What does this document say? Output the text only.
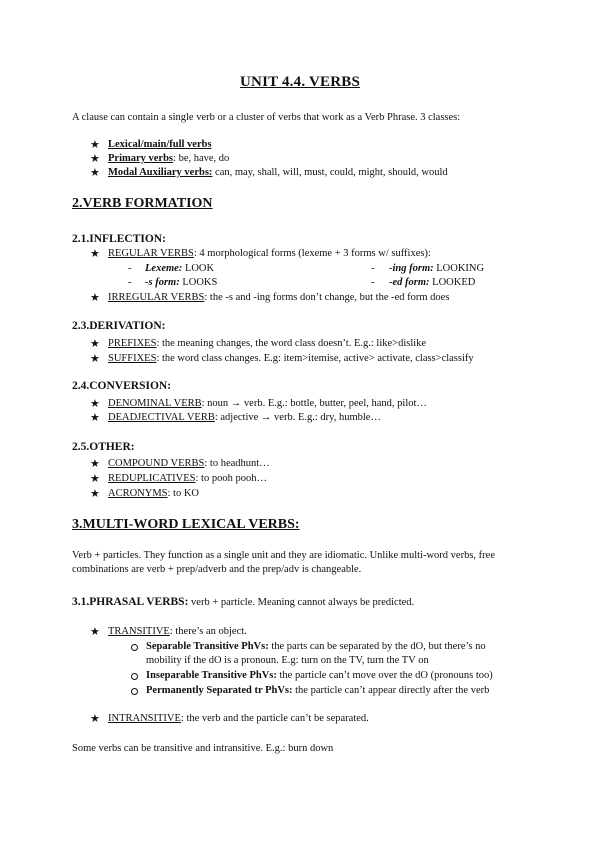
UNIT 4.4. VERBS
A clause can contain a single verb or a cluster of verbs that work as a Verb Phrase. 3 classes:
★ Lexical/main/full verbs
★ Primary verbs: be, have, do
★ Modal Auxiliary verbs: can, may, shall, will, must, could, might, should, would
2.VERB FORMATION
2.1.INFLECTION:
★ REGULAR VERBS: 4 morphological forms (lexeme + 3 forms w/ suffixes):
- Lexeme: LOOK	- -ing form: LOOKING
- -s form: LOOKS	- -ed form: LOOKED
★ IRREGULAR VERBS: the -s and -ing forms don’t change, but the -ed form does
2.3.DERIVATION:
★ PREFIXES: the meaning changes, the word class doesn’t. E.g.: like>dislike
★ SUFFIXES: the word class changes. E.g: item>itemise, active> activate, class>classify
2.4.CONVERSION:
★ DENOMINAL VERB: noun → verb. E.g.: bottle, butter, peel, hand, pilot…
★ DEADJECTIVAL VERB: adjective → verb. E.g.: dry, humble…
2.5.OTHER:
★ COMPOUND VERBS: to headhunt…
★ REDUPLICATIVES: to pooh pooh…
★ ACRONYMS: to KO
3.MULTI-WORD LEXICAL VERBS:
Verb + particles. They function as a single unit and they are idiomatic. Unlike multi-word verbs, free
combinations are verb + prep/adverb and the prep/adv is changeable.
3.1.PHRASAL VERBS: verb + particle. Meaning cannot always be predicted.
★ TRANSITIVE: there’s an object.
Separable Transitive PhVs: the parts can be separated by the dO, but there’s no
mobility if the dO is a pronoun. E.g: turn on the TV, turn the TV on
Inseparable Transitive PhVs: the particle can’t move over the dO (pronouns too)
Permanently Separated tr PhVs: the particle can’t appear directly after the verb
★ INTRANSITIVE: the verb and the particle can’t be separated.
Some verbs can be transitive and intransitive. E.g.: burn down
